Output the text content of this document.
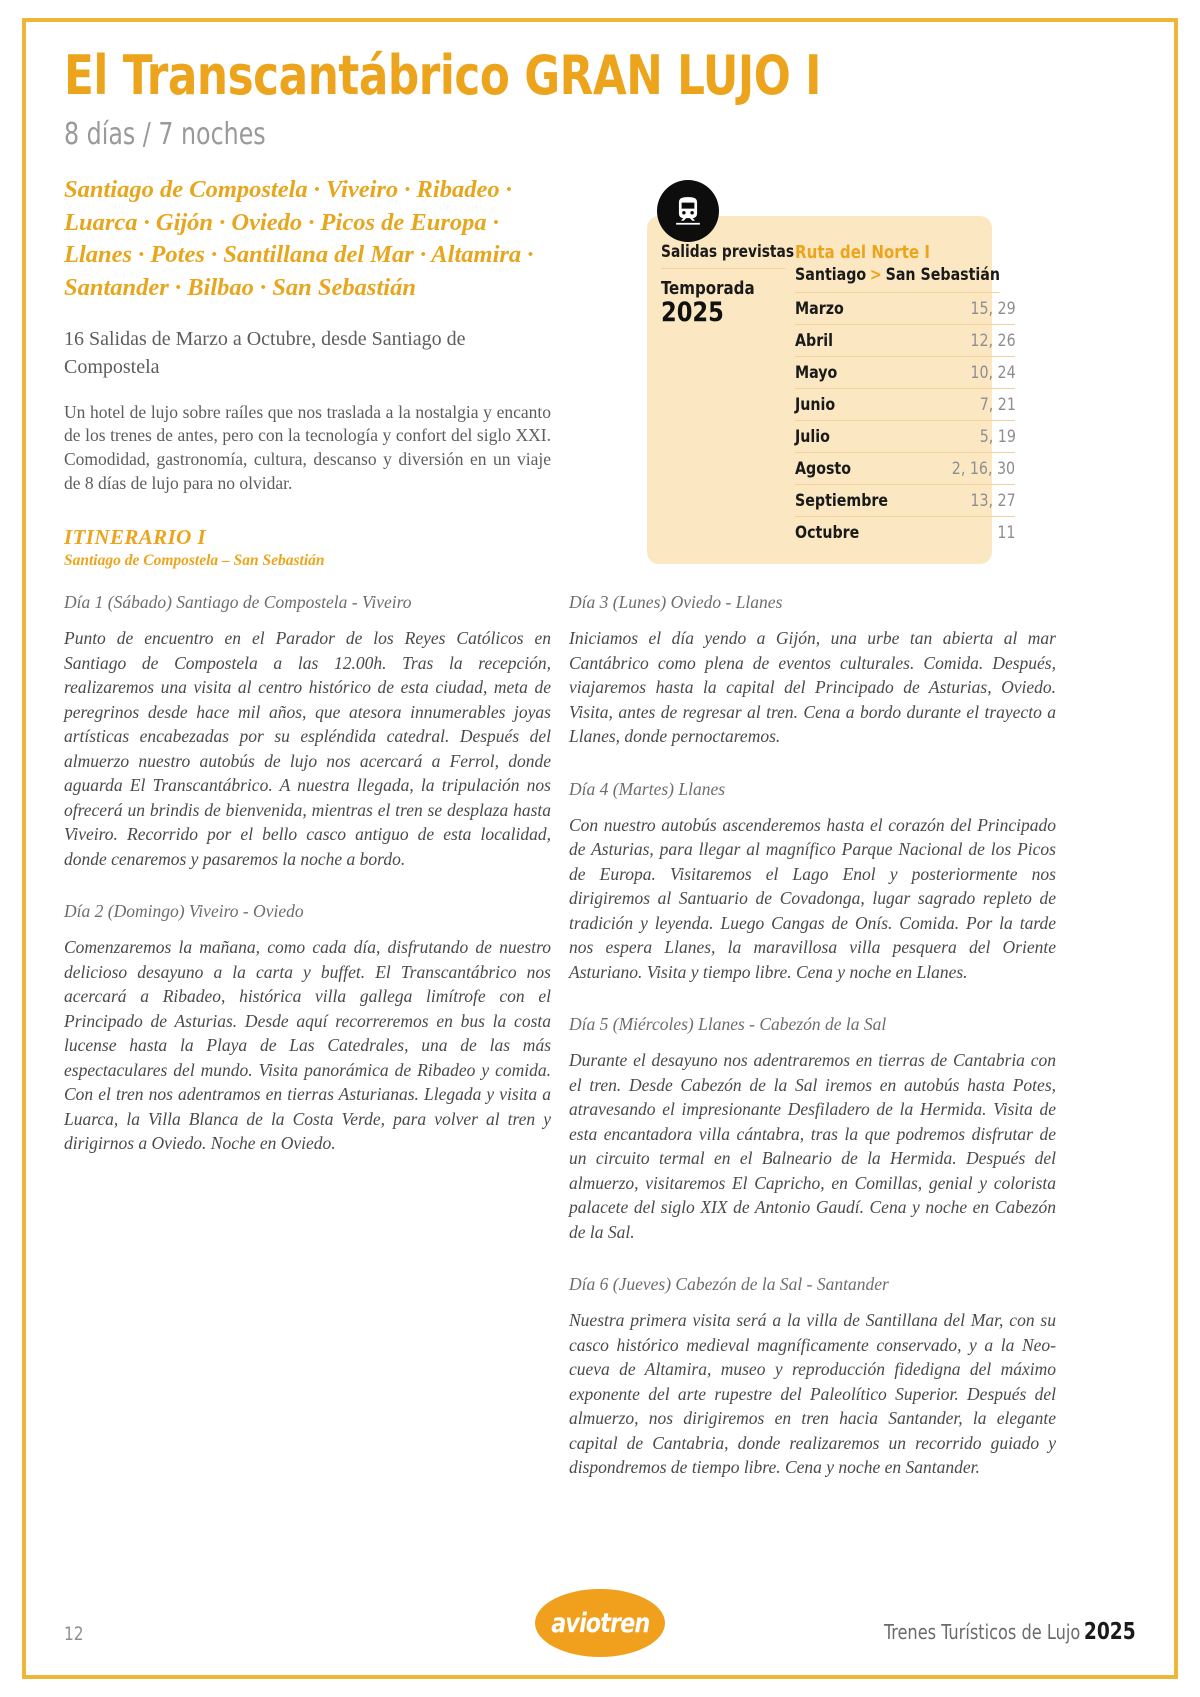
El Transcantábrico GRAN LUJO I
8 días / 7 noches
Santiago de Compostela · Viveiro · Ribadeo · Luarca · Gijón · Oviedo · Picos de Europa · Llanes · Potes · Santillana del Mar · Altamira · Santander · Bilbao · San Sebastián

16 Salidas de Marzo a Octubre, desde Santiago de Compostela

Un hotel de lujo sobre raíles que nos traslada a la nostalgia y encanto de los trenes de antes, pero con la tecnología y confort del siglo XXI. Comodidad, gastronomía, cultura, descanso y diversión en un viaje de 8 días de lujo para no olvidar.

ITINERARIO I
Santiago de Compostela – San Sebastián
Salidas previstas
Temporada
2025
Ruta del Norte I
Santiago > San Sebastián
Marzo	15, 29
Abril	12, 26
Mayo	10, 24
Junio	7, 21
Julio	5, 19
Agosto	2, 16, 30
Septiembre	13, 27
Octubre	11
Día 1 (Sábado) Santiago de Compostela - Viveiro

Punto de encuentro en el Parador de los Reyes Católicos en Santiago de Compostela a las 12.00h. Tras la recepción, realizaremos una visita al centro histórico de esta ciudad, meta de peregrinos desde hace mil años, que atesora innumerables joyas artísticas encabezadas por su espléndida catedral. Después del almuerzo nuestro autobús de lujo nos acercará a Ferrol, donde aguarda El Transcantábrico. A nuestra llegada, la tripulación nos ofrecerá un brindis de bienvenida, mientras el tren se desplaza hasta Viveiro. Recorrido por el bello casco antiguo de esta localidad, donde cenaremos y pasaremos la noche a bordo.

Día 2 (Domingo) Viveiro - Oviedo

Comenzaremos la mañana, como cada día, disfrutando de nuestro delicioso desayuno a la carta y buffet. El Transcantábrico nos acercará a Ribadeo, histórica villa gallega limítrofe con el Principado de Asturias. Desde aquí recorreremos en bus la costa lucense hasta la Playa de Las Catedrales, una de las más espectaculares del mundo. Visita panorámica de Ribadeo y comida. Con el tren nos adentramos en tierras Asturianas. Llegada y visita a Luarca, la Villa Blanca de la Costa Verde, para volver al tren y dirigirnos a Oviedo. Noche en Oviedo.

Día 3 (Lunes) Oviedo - Llanes

Iniciamos el día yendo a Gijón, una urbe tan abierta al mar Cantábrico como plena de eventos culturales. Comida. Después, viajaremos hasta la capital del Principado de Asturias, Oviedo. Visita, antes de regresar al tren. Cena a bordo durante el trayecto a Llanes, donde pernoctaremos.

Día 4 (Martes) Llanes

Con nuestro autobús ascenderemos hasta el corazón del Principado de Asturias, para llegar al magnífico Parque Nacional de los Picos de Europa. Visitaremos el Lago Enol y posteriormente nos dirigiremos al Santuario de Covadonga, lugar sagrado repleto de tradición y leyenda. Luego Cangas de Onís. Comida. Por la tarde nos espera Llanes, la maravillosa villa pesquera del Oriente Asturiano. Visita y tiempo libre. Cena y noche en Llanes.

Día 5 (Miércoles) Llanes - Cabezón de la Sal

Durante el desayuno nos adentraremos en tierras de Cantabria con el tren. Desde Cabezón de la Sal iremos en autobús hasta Potes, atravesando el impresionante Desfiladero de la Hermida. Visita de esta encantadora villa cántabra, tras la que podremos disfrutar de un circuito termal en el Balneario de la Hermida. Después del almuerzo, visitaremos El Capricho, en Comillas, genial y colorista palacete del siglo XIX de Antonio Gaudí. Cena y noche en Cabezón de la Sal.

Día 6 (Jueves) Cabezón de la Sal - Santander

Nuestra primera visita será a la villa de Santillana del Mar, con su casco histórico medieval magníficamente conservado, y a la Neo-cueva de Altamira, museo y reproducción fidedigna del máximo exponente del arte rupestre del Paleolítico Superior. Después del almuerzo, nos dirigiremos en tren hacia Santander, la elegante capital de Cantabria, donde realizaremos un recorrido guiado y dispondremos de tiempo libre. Cena y noche en Santander.

12	aviotren	Trenes Turísticos de Lujo 2025
